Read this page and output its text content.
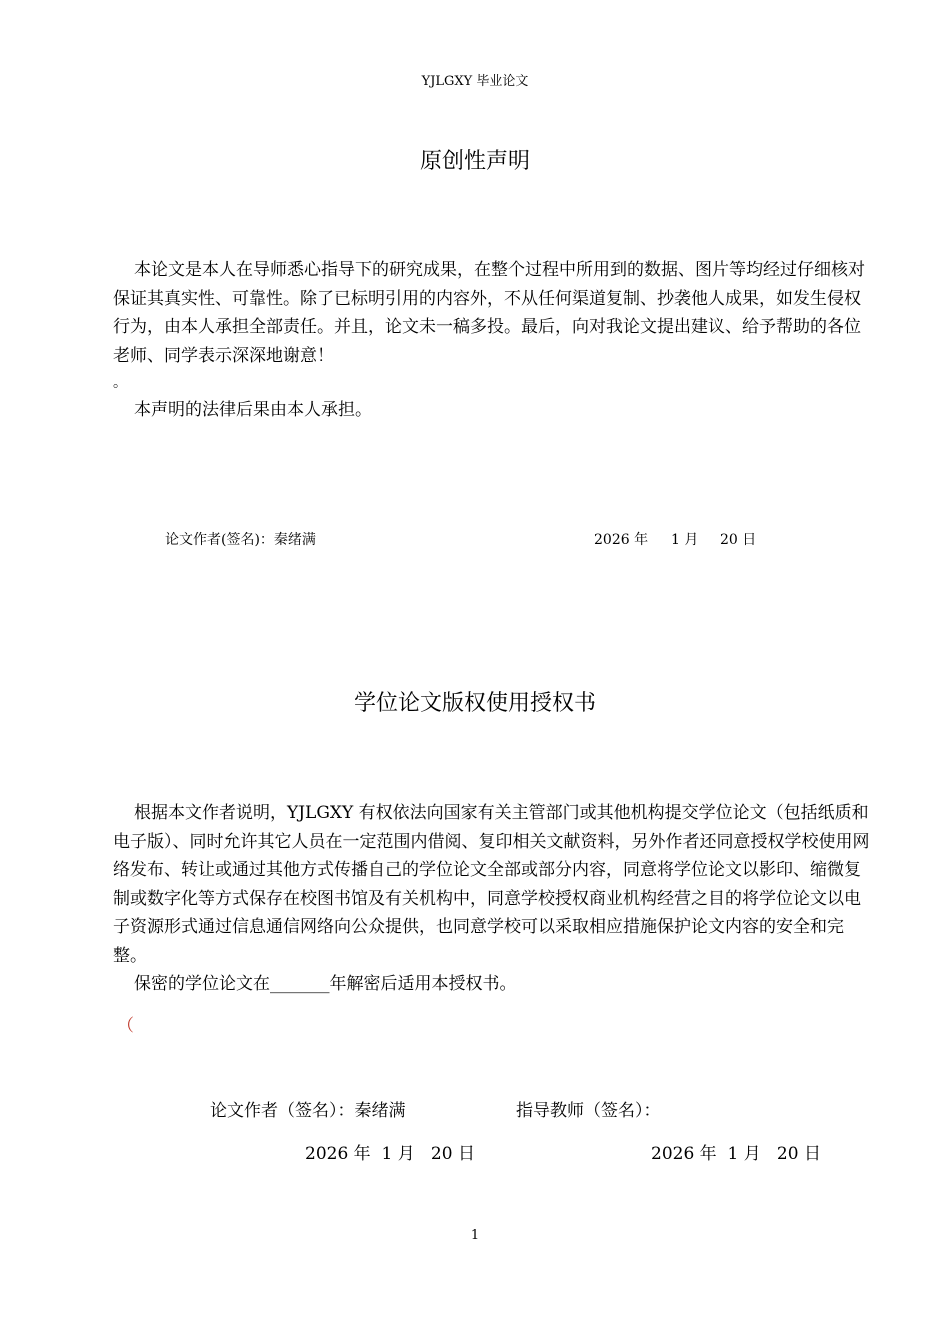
YJLGXY 毕业论文
原创性声明

本论文是本人在导师悉心指导下的研究成果，在整个过程中所用到的数据、图片等均经过仔细核对保证其真实性、可靠性。除了已标明引用的内容外，不从任何渠道复制、抄袭他人成果，如发生侵权行为，由本人承担全部责任。并且，论文未一稿多投。最后，向对我论文提出建议、给予帮助的各位老师、同学表示深深地谢意！

。

本声明的法律后果由本人承担。

论文作者(签名)：秦绪满	2026 年 1 月 20 日
学位论文版权使用授权书

根据本文作者说明，YJLGXY 有权依法向国家有关主管部门或其他机构提交学位论文（包括纸质和电子版）、同时允许其它人员在一定范围内借阅、复印相关文献资料，另外作者还同意授权学校使用网络发布、转让或通过其他方式传播自己的学位论文全部或部分内容，同意将学位论文以影印、缩微复制或数字化等方式保存在校图书馆及有关机构中，同意学校授权商业机构经营之目的将学位论文以电子资源形式通过信息通信网络向公众提供，也同意学校可以采取相应措施保护论文内容的安全和完整。

保密的学位论文在_______年解密后适用本授权书。

（
论文作者（签名）：秦绪满	指导教师（签名）：
2026 年  1 月   20 日	2026 年  1 月   20 日
1
